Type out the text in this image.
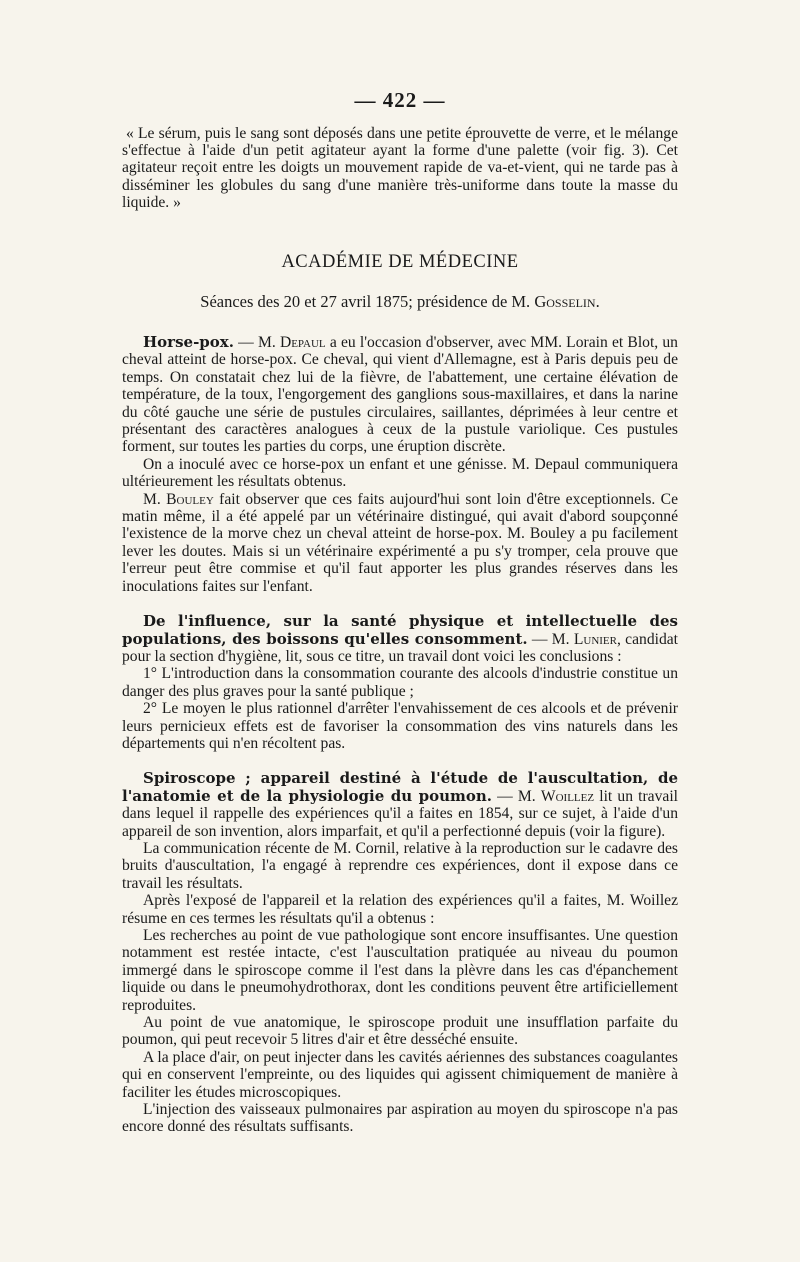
— 422 —
« Le sérum, puis le sang sont déposés dans une petite éprouvette de verre, et le mélange s'effectue à l'aide d'un petit agitateur ayant la forme d'une palette (voir fig. 3). Cet agitateur reçoit entre les doigts un mouvement rapide de va-et-vient, qui ne tarde pas à disséminer les globules du sang d'une manière très-uniforme dans toute la masse du liquide. »
ACADÉMIE DE MÉDECINE
Séances des 20 et 27 avril 1875; présidence de M. Gosselin.
Horse-pox. — M. Depaul a eu l'occasion d'observer, avec MM. Lorain et Blot, un cheval atteint de horse-pox. Ce cheval, qui vient d'Allemagne, est à Paris depuis peu de temps. On constatait chez lui de la fièvre, de l'abattement, une certaine élévation de température, de la toux, l'engorgement des ganglions sous-maxillaires, et dans la narine du côté gauche une série de pustules circulaires, saillantes, déprimées à leur centre et présentant des caractères analogues à ceux de la pustule variolique. Ces pustules forment, sur toutes les parties du corps, une éruption discrète.
On a inoculé avec ce horse-pox un enfant et une génisse. M. Depaul communiquera ultérieurement les résultats obtenus.
M. Bouley fait observer que ces faits aujourd'hui sont loin d'être exceptionnels. Ce matin même, il a été appelé par un vétérinaire distingué, qui avait d'abord soupçonné l'existence de la morve chez un cheval atteint de horse-pox. M. Bouley a pu facilement lever les doutes. Mais si un vétérinaire expérimenté a pu s'y tromper, cela prouve que l'erreur peut être commise et qu'il faut apporter les plus grandes réserves dans les inoculations faites sur l'enfant.
De l'influence, sur la santé physique et intellectuelle des populations, des boissons qu'elles consomment. — M. Lunier, candidat pour la section d'hygiène, lit, sous ce titre, un travail dont voici les conclusions :
1° L'introduction dans la consommation courante des alcools d'industrie constitue un danger des plus graves pour la santé publique ;
2° Le moyen le plus rationnel d'arrêter l'envahissement de ces alcools et de prévenir leurs pernicieux effets est de favoriser la consommation des vins naturels dans les départements qui n'en récoltent pas.
Spiroscope ; appareil destiné à l'étude de l'auscultation, de l'anatomie et de la physiologie du poumon. — M. Woillez lit un travail dans lequel il rappelle des expériences qu'il a faites en 1854, sur ce sujet, à l'aide d'un appareil de son invention, alors imparfait, et qu'il a perfectionné depuis (voir la figure).
La communication récente de M. Cornil, relative à la reproduction sur le cadavre des bruits d'auscultation, l'a engagé à reprendre ces expériences, dont il expose dans ce travail les résultats.
Après l'exposé de l'appareil et la relation des expériences qu'il a faites, M. Woillez résume en ces termes les résultats qu'il a obtenus :
Les recherches au point de vue pathologique sont encore insuffisantes. Une question notamment est restée intacte, c'est l'auscultation pratiquée au niveau du poumon immergé dans le spiroscope comme il l'est dans la plèvre dans les cas d'épanchement liquide ou dans le pneumohydrothorax, dont les conditions peuvent être artificiellement reproduites.
Au point de vue anatomique, le spiroscope produit une insufflation parfaite du poumon, qui peut recevoir 5 litres d'air et être desséché ensuite.
A la place d'air, on peut injecter dans les cavités aériennes des substances coagulantes qui en conservent l'empreinte, ou des liquides qui agissent chimiquement de manière à faciliter les études microscopiques.
L'injection des vaisseaux pulmonaires par aspiration au moyen du spiroscope n'a pas encore donné des résultats suffisants.
